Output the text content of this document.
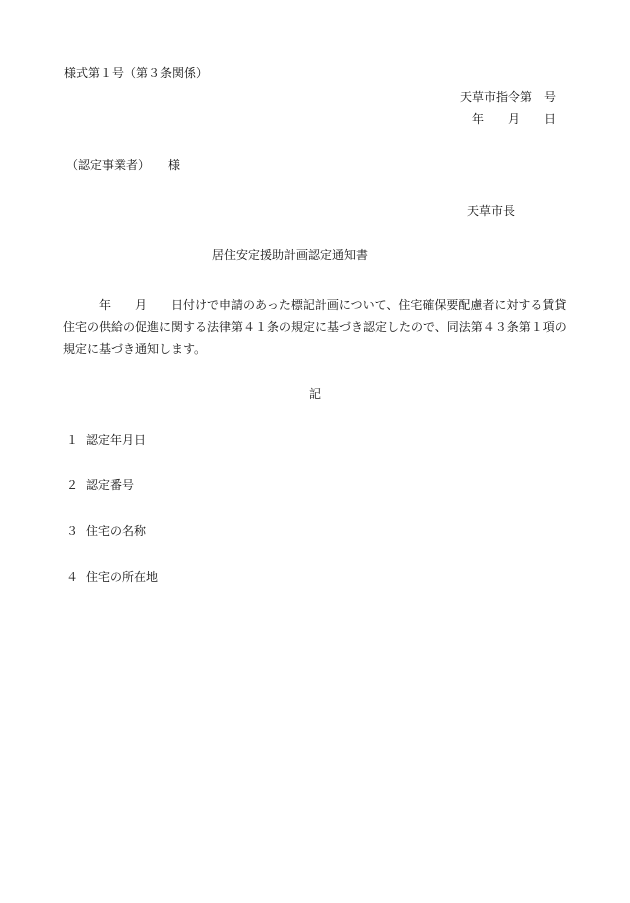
様式第１号（第３条関係）
天草市指令第　号
年　　月　　日
（認定事業者）　　様
天草市長
居住安定援助計画認定通知書
　　　年　　月　　日付けで申請のあった標記計画について、住宅確保要配慮者に対する賃貸住宅の供給の促進に関する法律第４１条の規定に基づき認定したので、同法第４３条第１項の規定に基づき通知します。
記
１ 認定年月日
２ 認定番号
３ 住宅の名称
４ 住宅の所在地
